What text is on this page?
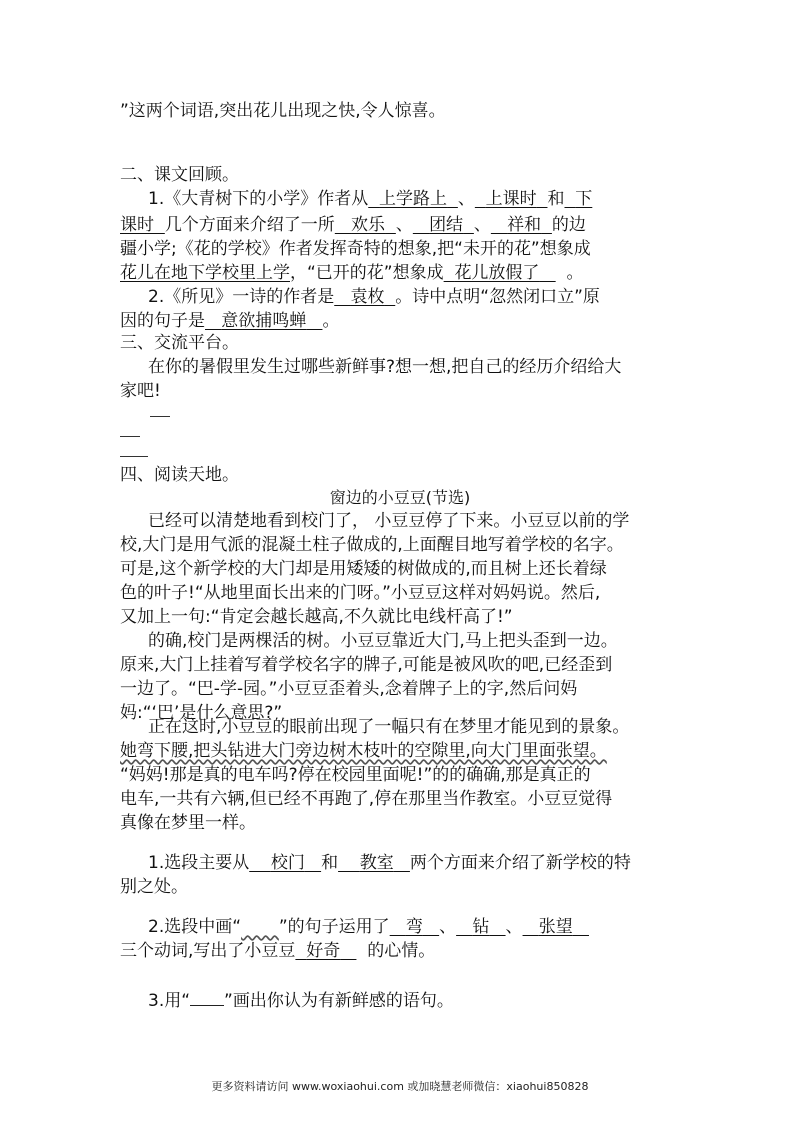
”这两个词语,突出花儿出现之快,令人惊喜。
二、课文回顾。
1.《大青树下的小学》作者从 上学路上 、 上课时 和 下
课时 几个方面来介绍了一所 欢乐 、 团结 、 祥和 的边
疆小学;《花的学校》作者发挥奇特的想象,把“未开的花”想象成
花儿在地下学校里上学，“已开的花”想象成 花儿放假了 。
2.《所见》一诗的作者是 袁枚 。诗中点明“忽然闭口立”原
因的句子是 意欲捕鸣蝉 。
三、交流平台。
在你的暑假里发生过哪些新鲜事?想一想,把自己的经历介绍给大
家吧!
四、阅读天地。
窗边的小豆豆(节选)
已经可以清楚地看到校门了， 小豆豆停了下来。小豆豆以前的学
校,大门是用气派的混凝土柱子做成的,上面醒目地写着学校的名字。
可是,这个新学校的大门却是用矮矮的树做成的,而且树上还长着绿
色的叶子!“从地里面长出来的门呀。”小豆豆这样对妈妈说。然后,
又加上一句:“肯定会越长越高,不久就比电线杆高了!”
的确,校门是两棵活的树。小豆豆靠近大门,马上把头歪到一边。
原来,大门上挂着写着学校名字的牌子,可能是被风吹的吧,已经歪到
一边了。“巴-学-园。”小豆豆歪着头,念着牌子上的字,然后问妈
妈:“‘巴’是什么意思?”
正在这时,小豆豆的眼前出现了一幅只有在梦里才能见到的景象。
她弯下腰,把头钻进大门旁边树木枝叶的空隙里,向大门里面张望。
“妈妈!那是真的电车吗?停在校园里面呢!”的的确确,那是真正的
电车,一共有六辆,但已经不再跑了,停在那里当作教室。小豆豆觉得
真像在梦里一样。
1.选段主要从 校门 和 教室 两个方面来介绍了新学校的特
别之处。
2.选段中画“ ”的句子运用了 弯 、 钻 、 张望
三个动词,写出了小豆豆 好奇 的心情。
3.用“ ”画出你认为有新鲜感的语句。
更多资料请访问 www.woxiaohui.com 或加晓慧老师微信：xiaohui850828
